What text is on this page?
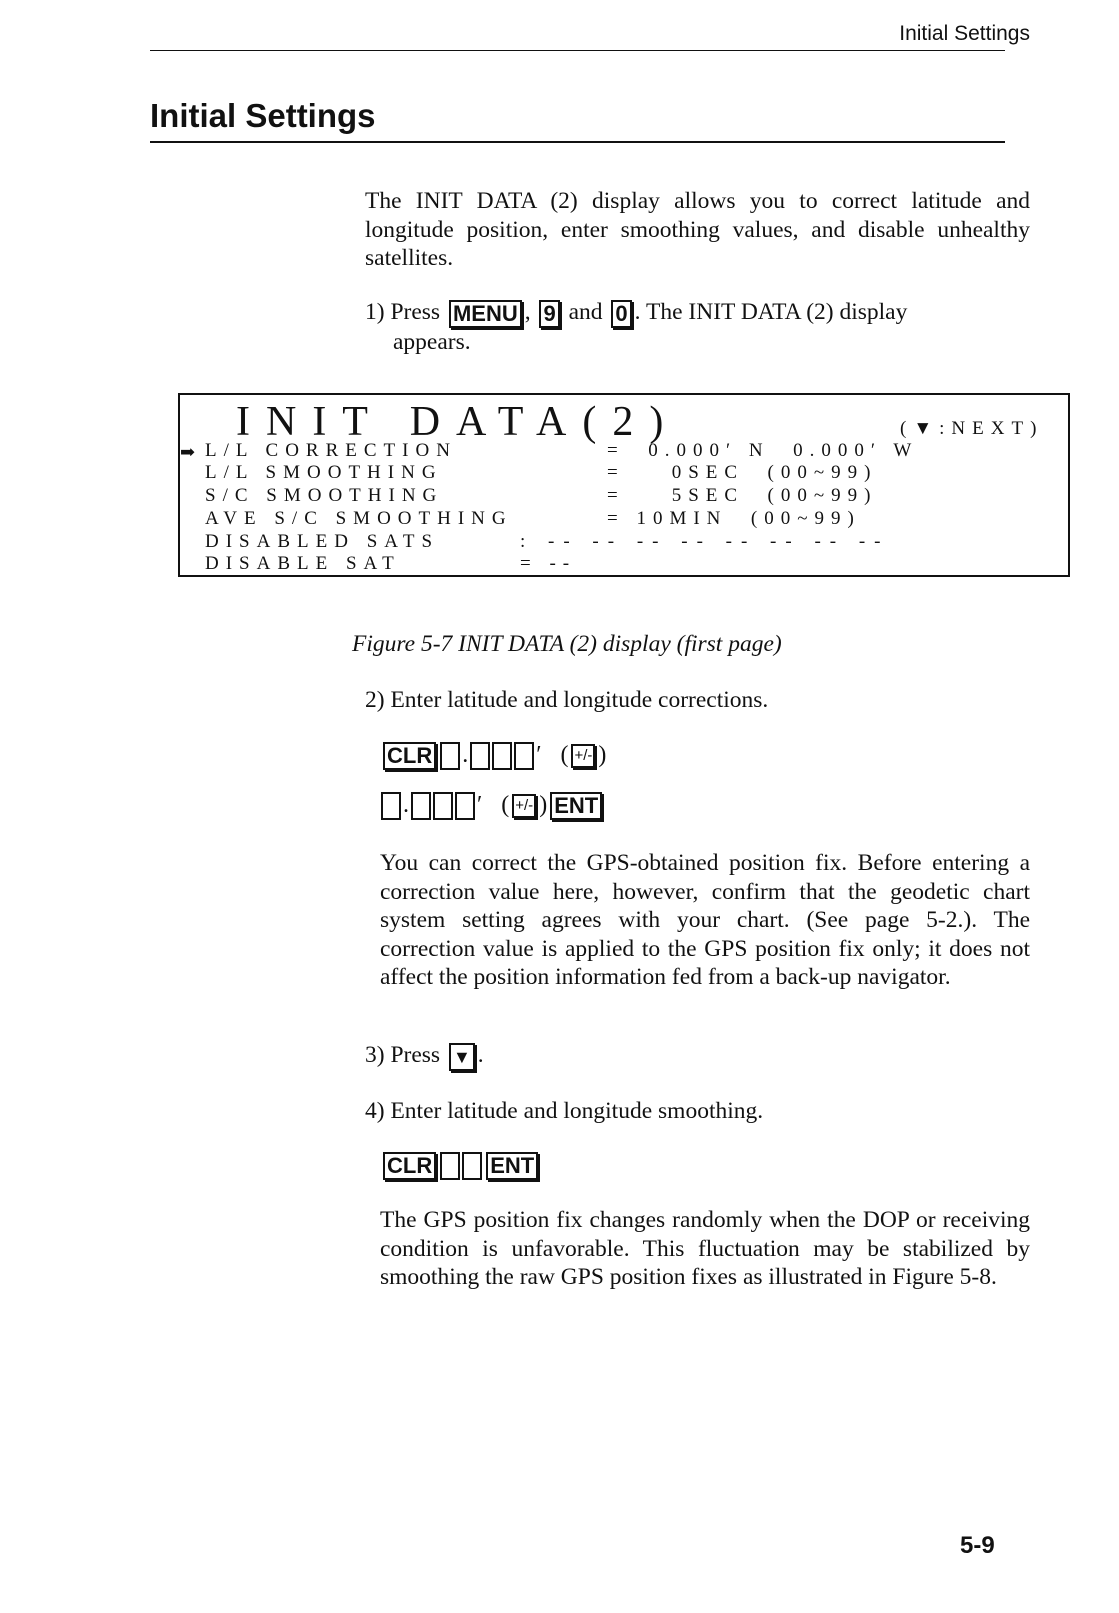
Initial Settings
Initial Settings
The INIT DATA (2) display allows you to correct latitude and longitude position, enter smoothing values, and disable unhealthy satellites.
1) Press MENU , 9 and 0 . The INIT DATA (2) display
appears.
INIT DATA(2)	(▼:NEXT)
➡ L/L CORRECTION	=  0.000′ N  0.000′ W
L/L SMOOTHING	=    0SEC  (00~99)
S/C SMOOTHING	=    5SEC  (00~99)
AVE S/C SMOOTHING	= 10MIN  (00~99)
DISABLED SATS	: -- -- -- -- -- -- -- --
DISABLE SAT	= --
Figure 5-7 INIT DATA (2) display (first page)
2) Enter latitude and longitude corrections.
CLR .	′ ( +/- )
.	′ ( +/- ) ENT
You can correct the GPS-obtained position fix. Before entering a correction value here, however, confirm that the geodetic chart system setting agrees with your chart. (See page 5-2.). The correction value is applied to the GPS position fix only; it does not affect the position information fed from a back-up navigator.
3) Press ▼ .
4) Enter latitude and longitude smoothing.
CLR	ENT
The GPS position fix changes randomly when the DOP or receiving condition is unfavorable. This fluctuation may be stabilized by smoothing the raw GPS position fixes as illustrated in Figure 5-8.
5-9
